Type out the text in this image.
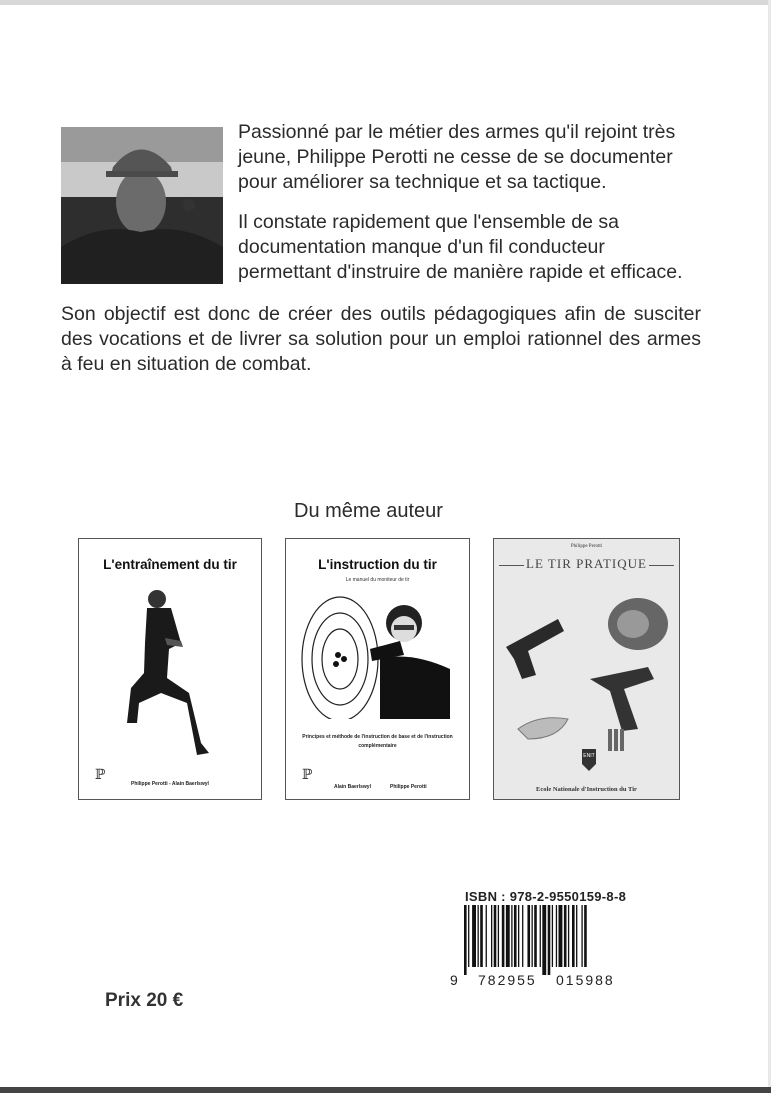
Passionné par le métier des armes qu'il rejoint très jeune, Philippe Perotti ne cesse de se documenter pour améliorer sa technique et sa tactique.

Il constate rapidement que l'ensemble de sa documentation manque d'un fil conducteur permettant d'instruire de manière rapide et efficace.

Son objectif est donc de créer des outils pédagogiques afin de susciter des vocations et de livrer sa solution pour un emploi rationnel des armes à feu en situation de combat.
Du même auteur
L'entraînement du tir
ℙ
Philippe Perotti - Alain Baerlswyl
L'instruction du tir
Le manuel du moniteur de tir
Principes et méthode de l'instruction de base et de l'instruction complémentaire
ℙ
Alain Baerlswyl	Philippe Perotti
Philippe Perotti
LE TIR PRATIQUE
ENIT
Ecole Nationale d'Instruction du Tir
ISBN : 978-2-9550159-8-8
9 782955 015988
Prix 20 €
